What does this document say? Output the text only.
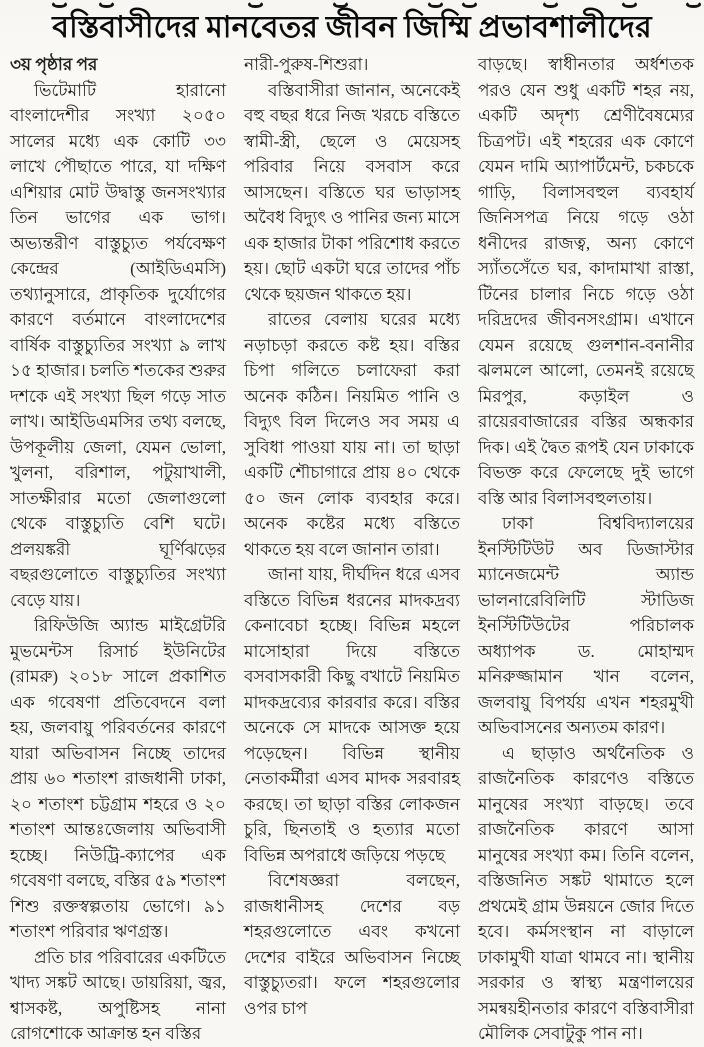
বস্তিবাসীদের মানবেতর জীবন জিম্মি প্রভাবশালীদের

৩য় পৃষ্ঠার পর

ভিটেমাটি হারানো বাংলাদেশীর সংখ্যা ২০৫০ সালের মধ্যে এক কোটি ৩৩ লাখে পৌছাতে পারে, যা দক্ষিণ এশিয়ার মোট উদ্বাস্তু জনসংখ্যার তিন ভাগের এক ভাগ। অভ্যন্তরীণ বাস্তুচ্যুত পর্যবেক্ষণ কেন্দ্রের (আইডিএমসি) তথ্যানুসারে, প্রাকৃতিক দুর্যোগের কারণে বর্তমানে বাংলাদেশের বার্ষিক বাস্তুচ্যুতির সংখ্যা ৯ লাখ ১৫ হাজার। চলতি শতকের শুরুর দশকে এই সংখ্যা ছিল গড়ে সাত লাখ। আইডিএমসির তথ্য বলছে, উপকূলীয় জেলা, যেমন ভোলা, খুলনা, বরিশাল, পটুয়াখালী, সাতক্ষীরার মতো জেলাগুলো থেকে বাস্তুচ্যুতি বেশি ঘটে। প্রলয়ঙ্করী ঘূর্ণিঝড়ের বছরগুলোতে বাস্তুচ্যুতির সংখ্যা বেড়ে যায়।

রিফিউজি অ্যান্ড মাইগ্রেটরি মুভমেন্টস রিসার্চ ইউনিটের (রামরু) ২০১৮ সালে প্রকাশিত এক গবেষণা প্রতিবেদনে বলা হয়, জলবায়ু পরিবর্তনের কারণে যারা অভিবাসন নিচ্ছে তাদের প্রায় ৬০ শতাংশ রাজধানী ঢাকা, ২০ শতাংশ চট্টগ্রাম শহরে ও ২০ শতাংশ আন্তঃজেলায় অভিবাসী হচ্ছে। নিউট্রি-ক্যাপের এক গবেষণা বলছে, বস্তির ৫৯ শতাংশ শিশু রক্তস্বল্পতায় ভোগে। ৯১ শতাংশ পরিবার ঋণগ্রস্ত।

প্রতি চার পরিবারের একটিতে খাদ্য সঙ্কট আছে। ডায়রিয়া, জ্বর, শ্বাসকষ্ট, অপুষ্টিসহ নানা রোগশোকে আক্রান্ত হন বস্তির

নারী-পুরুষ-শিশুরা।

বস্তিবাসীরা জানান, অনেকেই বহু বছর ধরে নিজ খরচে বস্তিতে স্বামী-স্ত্রী, ছেলে ও মেয়েসহ পরিবার নিয়ে বসবাস করে আসছেন। বস্তিতে ঘর ভাড়াসহ অবৈধ বিদ্যুৎ ও পানির জন্য মাসে এক হাজার টাকা পরিশোধ করতে হয়। ছোট একটা ঘরে তাদের পাঁচ থেকে ছয়জন থাকতে হয়।

রাতের বেলায় ঘরের মধ্যে নড়াচড়া করতে কষ্ট হয়। বস্তির চিপা গলিতে চলাফেরা করা অনেক কঠিন। নিয়মিত পানি ও বিদ্যুৎ বিল দিলেও সব সময় এ সুবিধা পাওয়া যায় না। তা ছাড়া একটি শৌচাগারে প্রায় ৪০ থেকে ৫০ জন লোক ব্যবহার করে। অনেক কষ্টের মধ্যে বস্তিতে থাকতে হয় বলে জানান তারা।

জানা যায়, দীর্ঘদিন ধরে এসব বস্তিতে বিভিন্ন ধরনের মাদকদ্রব্য কেনাবেচা হচ্ছে। বিভিন্ন মহলে মাসোহারা দিয়ে বস্তিতে বসবাসকারী কিছু বখাটে নিয়মিত মাদকদ্রব্যের কারবার করে। বস্তির অনেকে সে মাদকে আসক্ত হয়ে পড়েছেন। বিভিন্ন স্থানীয় নেতাকর্মীরা এসব মাদক সরবারহ করছে। তা ছাড়া বস্তির লোকজন চুরি, ছিনতাই ও হত্যার মতো বিভিন্ন অপরাধে জড়িয়ে পড়ছে

বিশেষজ্ঞরা বলছেন, রাজধানীসহ দেশের বড় শহরগুলোতে এবং কখনো দেশের বাইরে অভিবাসন নিচ্ছে বাস্তুচ্যুতরা। ফলে শহরগুলোর ওপর চাপ

বাড়ছে। স্বাধীনতার অর্ধশতক পরও যেন শুধু একটি শহর নয়, একটি অদৃশ্য শ্রেণীবৈষম্যের চিত্রপট। এই শহরের এক কোণে যেমন দামি অ্যাপার্টমেন্ট, চকচকে গাড়ি, বিলাসবহুল ব্যবহার্য জিনিসপত্র নিয়ে গড়ে ওঠা ধনীদের রাজত্ব, অন্য কোণে স্যাঁতসেঁতে ঘর, কাদামাখা রাস্তা, টিনের চালার নিচে গড়ে ওঠা দরিদ্রদের জীবনসংগ্রাম। এখানে যেমন রয়েছে গুলশান-বনানীর ঝলমলে আলো, তেমনই রয়েছে মিরপুর, কড়াইল ও রায়েরবাজারের বস্তির অন্ধকার দিক। এই দ্বৈত রূপই যেন ঢাকাকে বিভক্ত করে ফেলেছে দুই ভাগে বস্তি আর বিলাসবহুলতায়।

ঢাকা বিশ্ববিদ্যালয়ের ইনস্টিটিউট অব ডিজাস্টার ম্যানেজমেন্ট অ্যান্ড ভালনারেবিলিটি স্টাডিজ ইনস্টিটিউটের পরিচালক অধ্যাপক ড. মোহাম্মদ মনিরুজ্জামান খান বলেন, জলবায়ু বিপর্যয় এখন শহরমুখী অভিবাসনের অন্যতম কারণ।

এ ছাড়াও অর্থনৈতিক ও রাজনৈতিক কারণেও বস্তিতে মানুষের সংখ্যা বাড়ছে। তবে রাজনৈতিক কারণে আসা মানুষের সংখ্যা কম। তিনি বলেন, বস্তিজনিত সঙ্কট থামাতে হলে প্রথমেই গ্রাম উন্নয়নে জোর দিতে হবে। কর্মসংস্থান না বাড়ালে ঢাকামুখী যাত্রা থামবে না। স্থানীয় সরকার ও স্বাস্থ্য মন্ত্রণালয়ের সমন্বয়হীনতার কারণে বস্তিবাসীরা মৌলিক সেবাটুকু পান না।
